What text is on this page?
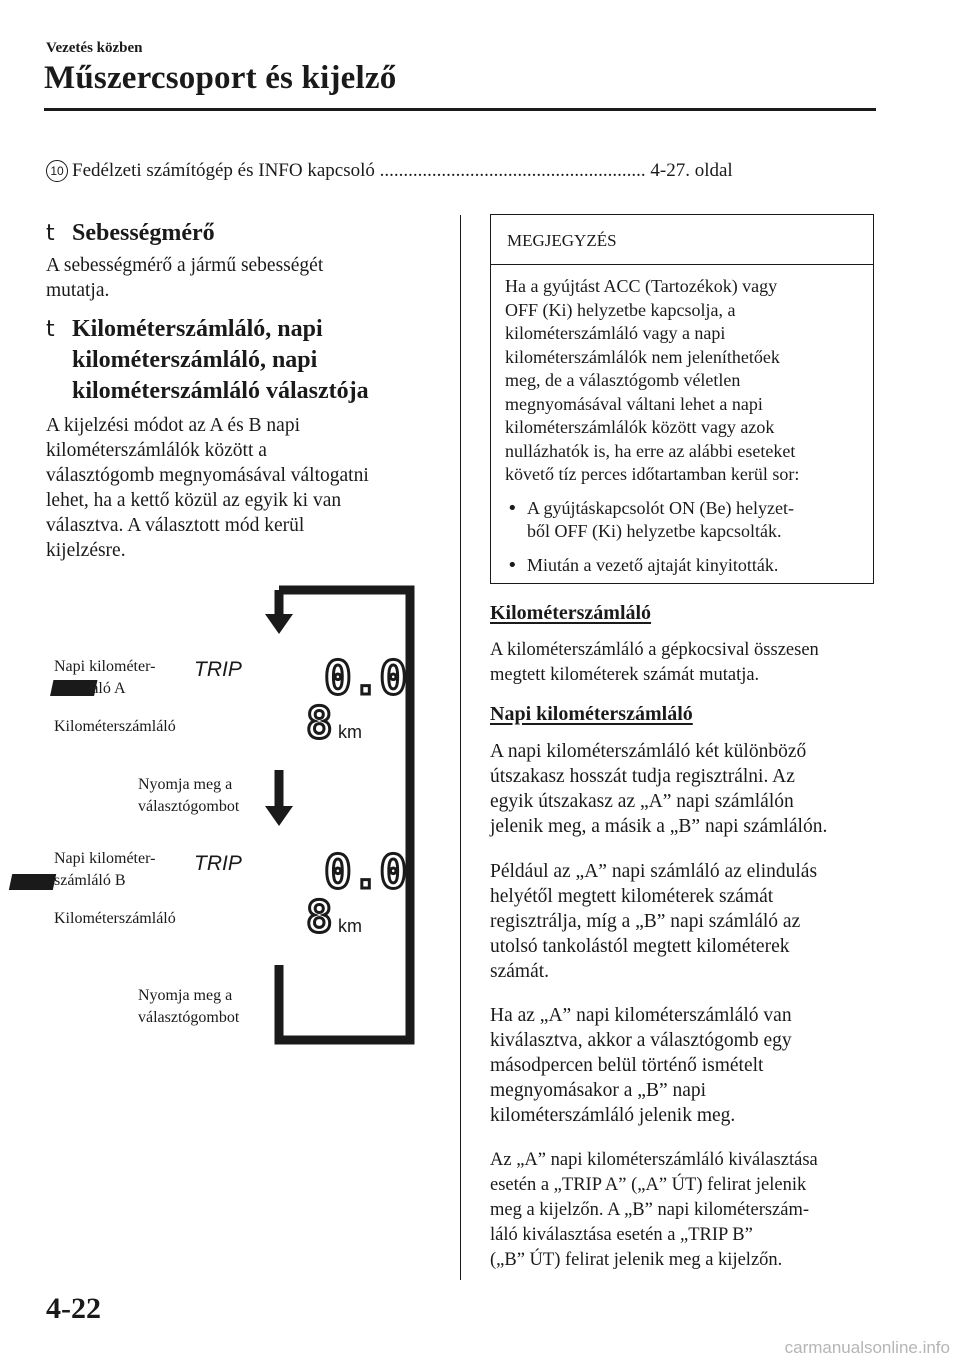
Vezetés közben
Műszercsoport és kijelző
10 Fedélzeti számítógép és INFO kapcsoló ........................................................ 4-27. oldal
t Sebességmérő
A sebességmérő a jármű sebességét
mutatja.
t Kilométerszámláló, napi
kilométerszámláló, napi
kilométerszámláló választója
A kijelzési módot az A és B napi
kilométerszámlálók között a
választógomb megnyomásával váltogatni
lehet, ha a kettő közül az egyik ki van
választva. A választott mód kerül
kijelzésre.
TRIP
A 0.0
8 km
TRIP
B 0.0
8 km
Napi kilométer-
számláló A
Kilométerszámláló
Nyomja meg a
választógombot
Napi kilométer-
számláló B
Kilométerszámláló
Nyomja meg a
választógombot
MEGJEGYZÉS
Ha a gyújtást ACC (Tartozékok) vagy
OFF (Ki) helyzetbe kapcsolja, a
kilométerszámláló vagy a napi
kilométerszámlálók nem jeleníthetőek
meg, de a választógomb véletlen
megnyomásával váltani lehet a napi
kilométerszámlálók között vagy azok
nullázhatók is, ha erre az alábbi eseteket
követő tíz perces időtartamban kerül sor:
• A gyújtáskapcsolót ON (Be) helyzet-
ből OFF (Ki) helyzetbe kapcsolták.
• Miután a vezető ajtaját kinyitották.
Kilométerszámláló
A kilométerszámláló a gépkocsival összesen
megtett kilométerek számát mutatja.
Napi kilométerszámláló
A napi kilométerszámláló két különböző
útszakasz hosszát tudja regisztrálni. Az
egyik útszakasz az „A” napi számlálón
jelenik meg, a másik a „B” napi számlálón.
Például az „A” napi számláló az elindulás
helyétől megtett kilométerek számát
regisztrálja, míg a „B” napi számláló az
utolsó tankolástól megtett kilométerek
számát.
Ha az „A” napi kilométerszámláló van
kiválasztva, akkor a választógomb egy
másodpercen belül történő ismételt
megnyomásakor a „B” napi
kilométerszámláló jelenik meg.
Az „A” napi kilométerszámláló kiválasztása
esetén a „TRIP A” („A” ÚT) felirat jelenik
meg a kijelzőn. A „B” napi kilométerszám-
láló kiválasztása esetén a „TRIP B”
(„B” ÚT) felirat jelenik meg a kijelzőn.
4-22
carmanualsonline.info
